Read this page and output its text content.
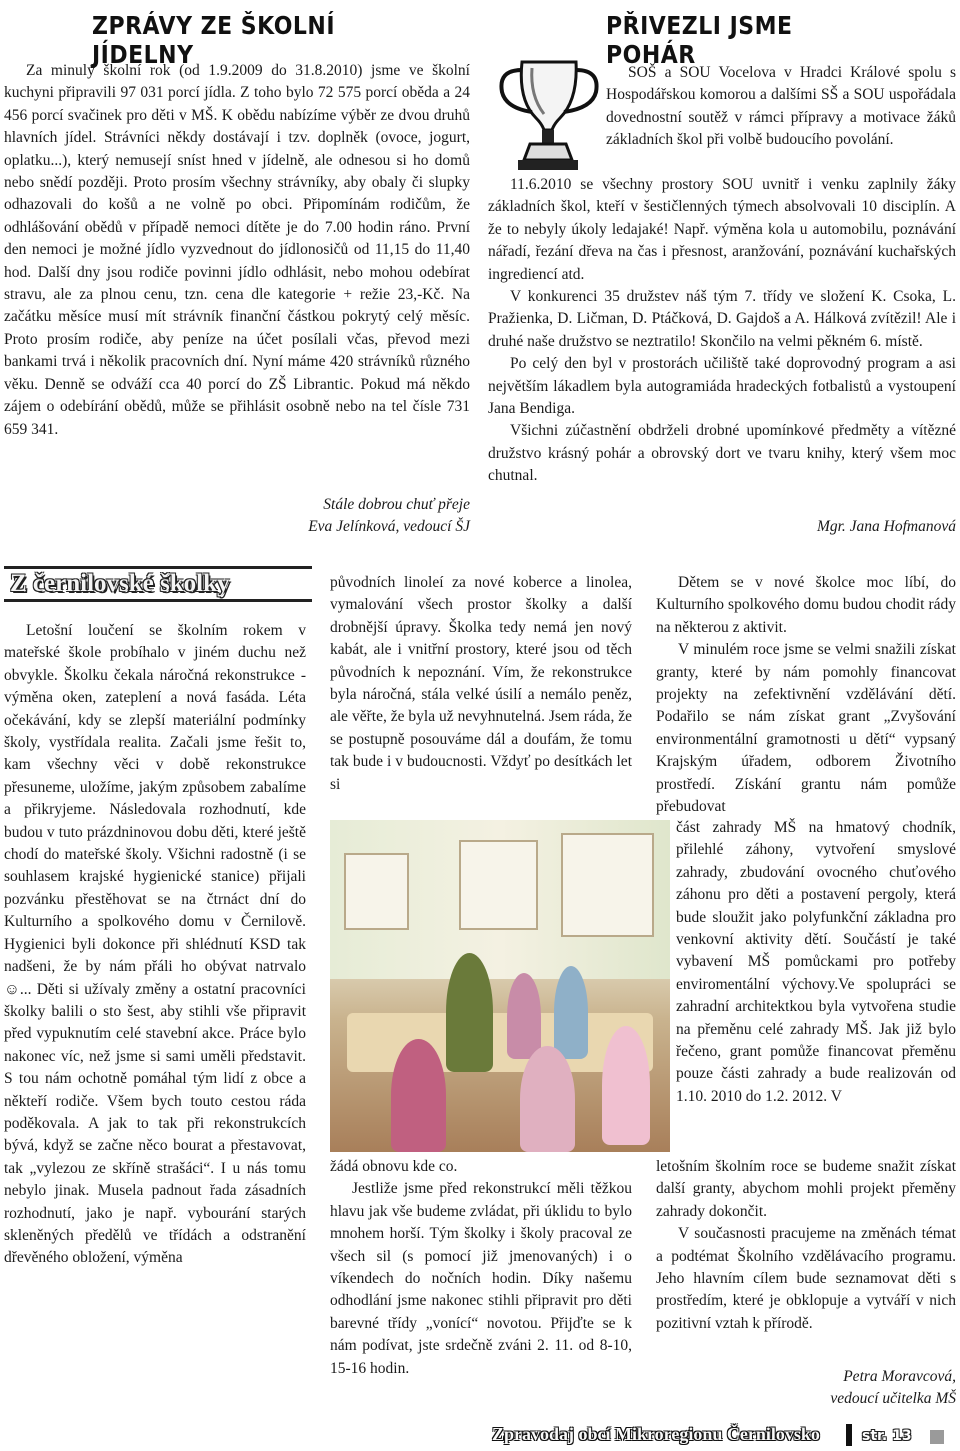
ZPRÁVY ZE ŠKOLNÍ JÍDELNY

Za minulý školní rok (od 1.9.2009 do 31.8.2010) jsme ve školní kuchyni připravili 97 031 porcí jídla. Z toho bylo 72 575 porcí oběda a 24 456 porcí svačinek pro děti v MŠ. K obědu nabízíme výběr ze dvou druhů hlavních jídel. Strávníci někdy dostávají i tzv. doplněk (ovoce, jogurt, oplatku...), který nemusejí sníst hned v jídelně, ale odnesou si ho domů nebo snědí později. Proto prosím všechny strávníky, aby obaly či slupky odhazovali do košů a ne volně po obci. Připomínám rodičům, že odhlášování obědů v případě nemoci dítěte je do 7.00 hodin ráno. První den nemoci je možné jídlo vyzvednout do jídlonosičů od 11,15 do 11,40 hod. Další dny jsou rodiče povinni jídlo odhlásit, nebo mohou odebírat stravu, ale za plnou cenu, tzn. cena dle kategorie + režie 23,-Kč. Na začátku měsíce musí mít strávník finanční částkou pokrytý celý měsíc. Proto prosím rodiče, aby peníze na účet posílali včas, převod mezi bankami trvá i několik pracovních dní. Nyní máme 420 strávníků různého věku. Denně se odváží cca 40 porcí do ZŠ Librantic. Pokud má někdo zájem o odebírání obědů, může se přihlásit osobně nebo na tel čísle 731 659 341.

Stále dobrou chuť přeje
Eva Jelínková, vedoucí ŠJ
PŘIVEZLI JSME POHÁR

SOŠ a SOU Vocelova v Hradci Králové spolu s Hospodářskou komorou a dalšími SŠ a SOU uspořádala dovednostní soutěž v rámci přípravy a motivace žáků základních škol při volbě budoucího povolání.

11.6.2010 se všechny prostory SOU uvnitř i venku zaplnily žáky základních škol, kteří v šestičlenných týmech absolvovali 10 disciplín. A že to nebyly úkoly ledajaké! Např. výměna kola u automobilu, poznávání nářadí, řezání dřeva na čas i přesnost, aranžování, poznávání kuchařských ingrediencí atd.

V konkurenci 35 družstev náš tým 7. třídy ve složení K. Csoka, L. Pražienka, D. Ličman, D. Ptáčková, D. Gajdoš a A. Hálková zvítězil! Ale i druhé naše družstvo se neztratilo! Skončilo na velmi pěkném 6. místě.

Po celý den byl v prostorách učiliště také doprovodný program a asi největším lákadlem byla autogramiáda hradeckých fotbalistů a vystoupení Jana Bendiga.

Všichni zúčastnění obdrželi drobné upomínkové předměty a vítězné družstvo krásný pohár a obrovský dort ve tvaru knihy, který všem moc chutnal.

Mgr. Jana Hofmanová
Z černilovské školky

Letošní loučení se školním rokem v mateřské škole probíhalo v jiném duchu než obvykle. Školku čekala náročná rekonstrukce - výměna oken, zateplení a nová fasáda. Léta očekávání, kdy se zlepší materiální podmínky školy, vystřídala realita. Začali jsme řešit to, kam všechny věci v době rekonstrukce přesuneme, uložíme, jakým způsobem zabalíme a přikryjeme. Následovala rozhodnutí, kde budou v tuto prázdninovou dobu děti, které ještě chodí do mateřské školy. Všichni radostně (i se souhlasem krajské hygienické stanice) přijali pozvánku přestěhovat se na čtrnáct dní do Kulturního a spolkového domu v Černilově. Hygienici byli dokonce při shlédnutí KSD tak nadšeni, že by nám přáli ho obývat natrvalo ☺... Děti si užívaly změny a ostatní pracovníci školky balili o sto šest, aby stihli vše připravit před vypuknutím celé stavební akce. Práce bylo nakonec víc, než jsme si sami uměli představit. S tou nám ochotně pomáhal tým lidí z obce a někteří rodiče. Všem bych touto cestou ráda poděkovala. A jak to tak při rekonstrukcích bývá, když se začne něco bourat a přestavovat, tak „vylezou ze skříně strašáci“. I u nás tomu nebylo jinak. Musela padnout řada zásadních rozhodnutí, jako je např. vybourání starých skleněných předělů ve třídách a odstranění dřevěného obložení, výměna

původních linoleí za nové koberce a linolea, vymalování všech prostor školky a další drobnější úpravy. Školka tedy nemá jen nový kabát, ale i vnitřní prostory, které jsou od těch původních k nepoznání. Vím, že rekonstrukce byla náročná, stála velké úsilí a nemálo peněz, ale věřte, že byla už nevyhnutelná. Jsem ráda, že se postupně posouváme dál a doufám, že tomu tak bude i v budoucnosti. Vždyť po desítkách let si

žádá obnovu kde co.

Jestliže jsme před rekonstrukcí měli těžkou hlavu jak vše budeme zvládat, při úklidu to bylo mnohem horší. Tým školky i školy pracoval ze všech sil (s pomocí již jmenovaných) i o víkendech do nočních hodin. Díky našemu odhodlání jsme nakonec stihli připravit pro děti barevné třídy „vonící“ novotou. Přijďte se k nám podívat, jste srdečně zváni 2. 11. od 8-10, 15-16 hodin.

Dětem se v nové školce moc líbí, do Kulturního spolkového domu budou chodit rády na některou z aktivit.

V minulém roce jsme se velmi snažili získat granty, které by nám pomohly financovat projekty na zefektivnění vzdělávání dětí. Podařilo se nám získat grant „Zvyšování environmentální gramotnosti u dětí“ vypsaný Krajským úřadem, odborem Životního prostředí. Získání grantu nám pomůže přebudovat

část zahrady MŠ na hmatový chodník, přilehlé záhony, vytvoření smyslové zahrady, zbudování ovocného chuťového záhonu pro děti a postavení pergoly, která bude sloužit jako polyfunkční základna pro venkovní aktivity dětí. Součástí je také vybavení MŠ pomůckami pro potřeby enviromentální výchovy.Ve spolupráci se zahradní architektkou byla vytvořena studie na přeměnu celé zahrady MŠ. Jak již bylo řečeno, grant pomůže financovat přeměnu pouze části zahrady a bude realizován od 1.10. 2010 do 1.2. 2012. V

letošním školním roce se budeme snažit získat další granty, abychom mohli projekt přeměny zahrady dokončit.

V současnosti pracujeme na změnách témat a podtémat Školního vzdělávacího programu. Jeho hlavním cílem bude seznamovat děti s prostředím, které je obklopuje a vytváří v nich pozitivní vztah k přírodě.

Petra Moravcová,
vedoucí učitelka MŠ
Zpravodaj obcí Mikroregionu Černilovsko	str. 13
